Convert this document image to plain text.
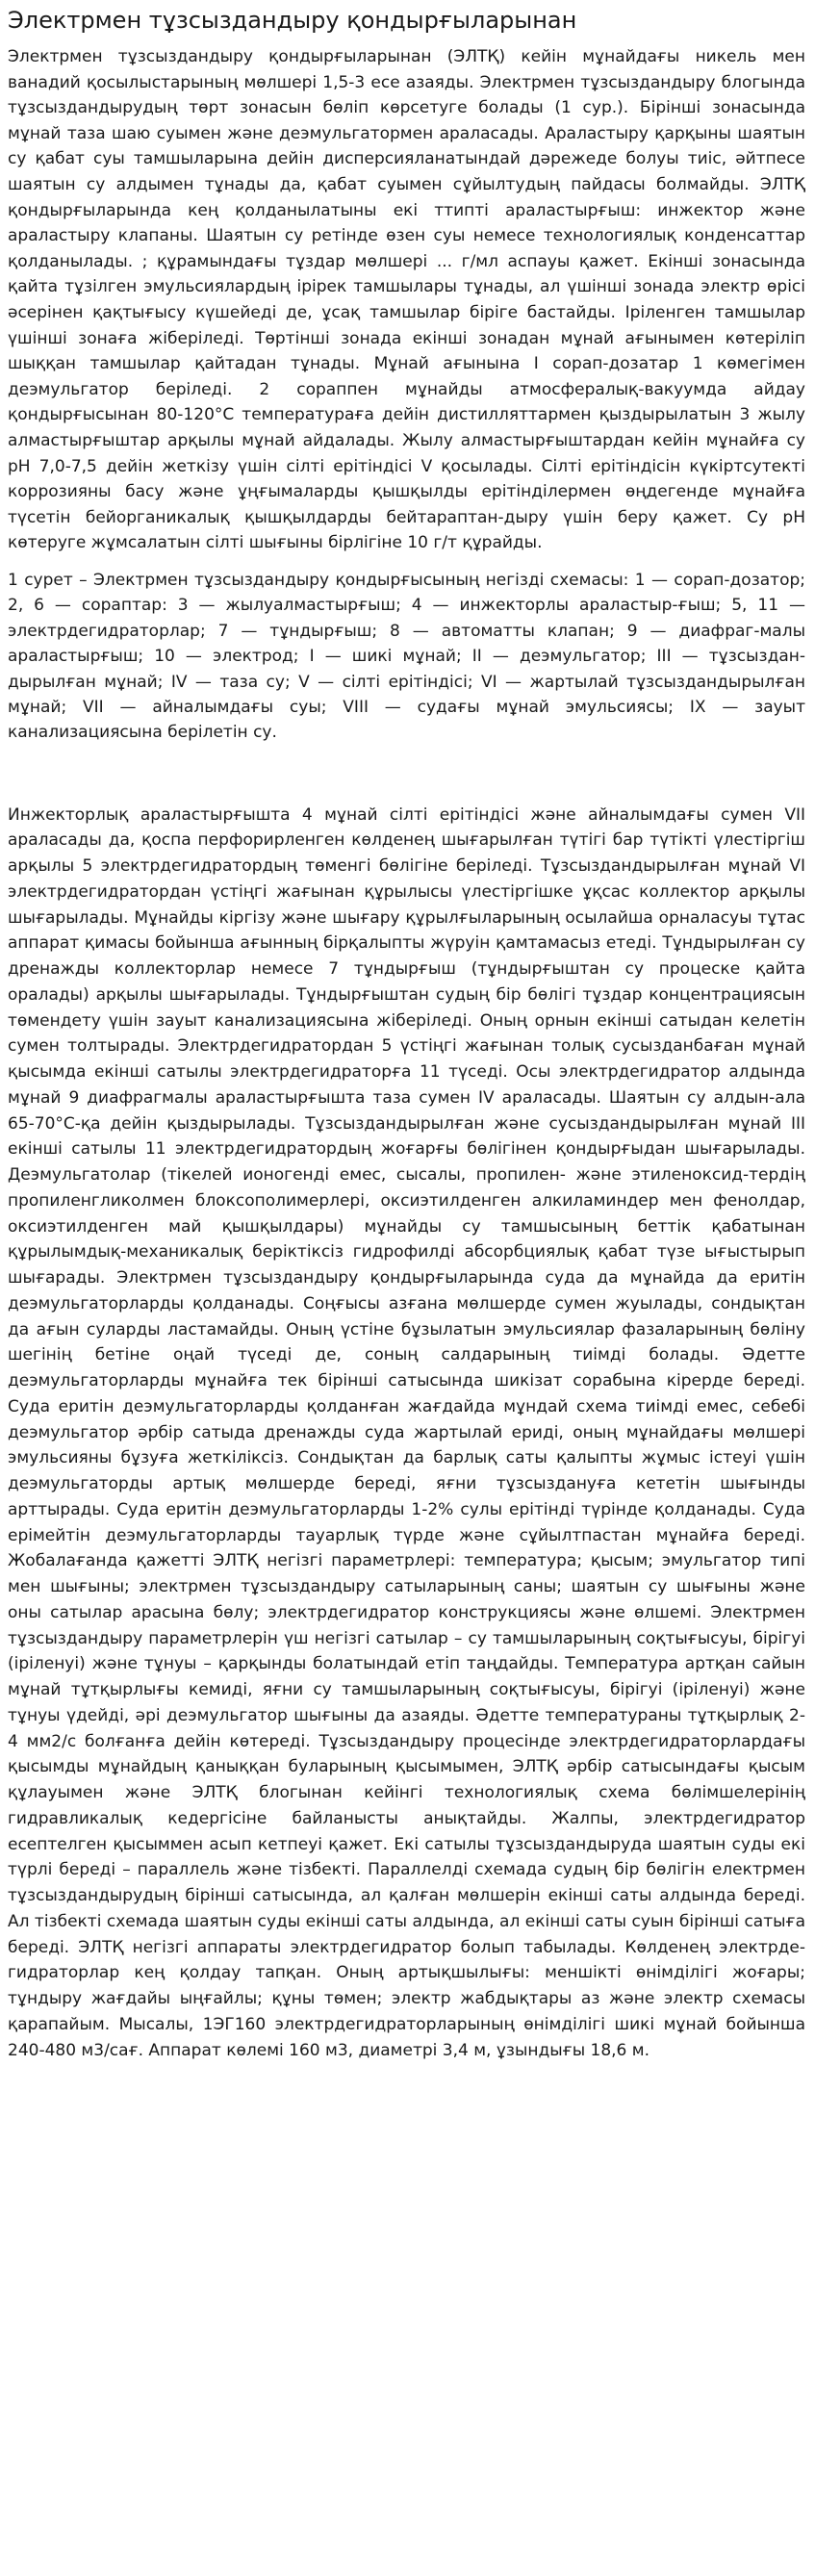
Электрмен тұзсыздандыру қондырғыларынан

Электрмен тұзсыздандыру қондырғыларынан (ЭЛТҚ) кейін мұнайдағы никель мен ванадий қосылыстарының мөлшері 1,5-3 есе азаяды. Электрмен тұзсыздандыру блогында тұзсыздандырудың төрт зонасын бөліп көрсетуге болады (1 сур.). Бірінші зонасында мұнай таза шаю суымен және деэмульгатормен араласады. Араластыру қарқыны шаятын су қабат суы тамшыларына дейін дисперсияланатындай дәрежеде болуы тиіс, әйтпесе шаятын су алдымен тұнады да, қабат суымен сұйылтудың пайдасы болмайды. ЭЛТҚ қондырғыларында кең қолданылатыны екі ттипті араластырғыш: инжектор және араластыру клапаны. Шаятын су ретінде өзен суы немесе технологиялық конденсаттар қолданылады. ; құрамындағы тұздар мөлшері ... г/мл аспауы қажет. Екінші зонасында қайта тұзілген эмульсиялардың ірірек тамшылары тұнады, ал үшінші зонада электр өрісі әсерінен қақтығысу күшейеді де, ұсақ тамшылар біріге бастайды. Іріленген тамшылар үшінші зонаға жіберіледі. Төртінші зонада екінші зонадан мұнай ағынымен көтеріліп шыққан тамшылар қайтадан тұнады. Мұнай ағынына I сорап-дозатар 1 көмегімен деэмульгатор беріледі. 2 сораппен мұнайды атмосфералық-вакуумда айдау қондырғысынан 80-120°С температураға дейін дистилляттармен қыздырылатын 3 жылу алмастырғыштар арқылы мұнай айдалады. Жылу алмастырғыштардан кейін мұнайға су рН 7,0-7,5 дейін жеткізу үшін сілті ерітіндісі V қосылады. Сілті ерітіндісін күкіртсутекті коррозияны басу және ұңғымаларды қышқылды ерітінділермен өңдегенде мұнайға түсетін бейорганикалық қышқылдарды бейтараптан-дыру үшін беру қажет. Су рН көтеруге жұмсалатын сілті шығыны бірлігіне 10 г/т құрайды.

1 сурет – Электрмен тұзсыздандыру қондырғысының негізді схемасы: 1 — сорап-дозатор; 2, 6 — сораптар: 3 — жылуалмастырғыш; 4 — инжекторлы араластыр-ғыш; 5, 11 — электрдегидраторлар; 7 — тұндырғыш; 8 — автоматты клапан; 9 — диафраг-малы араластырғыш; 10 — электрод; I — шикі мұнай; II — деэмульгатор; III — тұзсыздан-дырылған мұнай; IV — таза су; V — сілті ерітіндісі; VI — жартылай тұзсыздандырылған мұнай; VII — айналымдағы суы; VIII — судағы мұнай эмульсиясы; IX — зауыт канализациясына берілетін су.

Инжекторлық араластырғышта 4 мұнай сілті ерітіндісі және айналымдағы сумен VII араласады да, қоспа перфорирленген көлденең шығарылған түтігі бар түтікті үлестіргіш арқылы 5 электрдегидратордың төменгі бөлігіне беріледі. Тұзсыздандырылған мұнай VI электрдегидратордан үстіңгі жағынан құрылысы үлестіргішке ұқсас коллектор арқылы шығарылады. Мұнайды кіргізу және шығару құрылғыларының осылайша орналасуы тұтас аппарат қимасы бойынша ағынның бірқалыпты жүруін қамтамасыз етеді. Тұндырылған су дренажды коллекторлар немесе 7 тұндырғыш (тұндырғыштан су процеске қайта оралады) арқылы шығарылады. Тұндырғыштан судың бір бөлігі тұздар концентрациясын төмендету үшін зауыт канализациясына жіберіледі. Оның орнын екінші сатыдан келетін сумен толтырады. Электрдегидратордан 5 үстіңгі жағынан толық сусызданбаған мұнай қысымда екінші сатылы электрдегидраторға 11 түседі. Осы электрдегидратор алдында мұнай 9 диафрагмалы араластырғышта таза сумен IV араласады. Шаятын су алдын-ала 65-70°С-қа дейін қыздырылады. Тұзсыздандырылған және сусыздандырылған мұнай III екінші сатылы 11 электрдегидратордың жоғарғы бөлігінен қондырғыдан шығарылады. Деэмульгатолар (тікелей ионогенді емес, сысалы, пропилен- және этиленоксид-тердің пропиленгликолмен блоксополимерлері, оксиэтилденген алкиламиндер мен фенолдар, оксиэтилденген май қышқылдары) мұнайды су тамшысының беттік қабатынан құрылымдық-механикалық беріктіксіз гидрофилді абсорбциялық қабат түзе ығыстырып шығарады. Электрмен тұзсыздандыру қондырғыларында суда да мұнайда да еритін деэмульгаторларды қолданады. Соңғысы азғана мөлшерде сумен жуылады, сондықтан да ағын суларды ластамайды. Оның үстіне бұзылатын эмульсиялар фазаларының бөліну шегінің бетіне оңай түседі де, соның салдарының тиімді болады. Әдетте деэмульгаторларды мұнайға тек бірінші сатысында шикізат сорабына кірерде береді. Суда еритін деэмульгаторларды қолданған жағдайда мұндай схема тиімді емес, себебі деэмульгатор әрбір сатыда дренажды суда жартылай ериді, оның мұнайдағы мөлшері эмульсияны бұзуға жеткіліксіз. Сондықтан да барлық саты қалыпты жұмыс істеуі үшін деэмульгаторды артық мөлшерде береді, яғни тұзсыздануға кететін шығынды арттырады. Суда еритін деэмульгаторларды 1-2% сулы ерітінді түрінде қолданады. Суда ерімейтін деэмульгаторларды тауарлық түрде және сұйылтпастан мұнайға береді. Жобалағанда қажетті ЭЛТҚ негізгі параметрлері: температура; қысым; эмульгатор типі мен шығыны; электрмен тұзсыздандыру сатыларының саны; шаятын су шығыны және оны сатылар арасына бөлу; электрдегидратор конструкциясы және өлшемі. Электрмен тұзсыздандыру параметрлерін үш негізгі сатылар – су тамшыларының соқтығысуы, бірігуі (іріленуі) және тұнуы – қарқынды болатындай етіп таңдайды. Температура артқан сайын мұнай тұтқырлығы кемиді, яғни су тамшыларының соқтығысуы, бірігуі (іріленуі) және тұнуы үдейді, әрі деэмульгатор шығыны да азаяды. Әдетте температураны тұтқырлық 2-4 мм2/с болғанға дейін көтереді. Тұзсыздандыру процесінде электрдегидраторлардағы қысымды мұнайдың қаныққан буларының қысымымен, ЭЛТҚ әрбір сатысындағы қысым құлауымен және ЭЛТҚ блогынан кейінгі технологиялық схема бөлімшелерінің гидравликалық кедергісіне байланысты анықтайды. Жалпы, электрдегидратор есептелген қысыммен асып кетпеуі қажет. Екі сатылы тұзсыздандыруда шаятын суды екі түрлі береді – параллель және тізбекті. Параллелді схемада судың бір бөлігін електрмен тұзсыздандырудың бірінші сатысында, ал қалған мөлшерін екінші саты алдында береді. Ал тізбекті схемада шаятын суды екінші саты алдында, ал екінші саты суын бірінші сатыға береді. ЭЛТҚ негізгі аппараты электрдегидратор болып табылады. Көлденең электрде-гидраторлар кең қолдау тапқан. Оның артықшылығы: меншікті өнімділігі жоғары; тұндыру жағдайы ыңғайлы; құны төмен; электр жабдықтары аз және электр схемасы қарапайым. Мысалы, 1ЭГ160 электрдегидраторларының өнімділігі шикі мұнай бойынша 240-480 м3/сағ. Аппарат көлемі 160 м3, диаметрі 3,4 м, ұзындығы 18,6 м.
